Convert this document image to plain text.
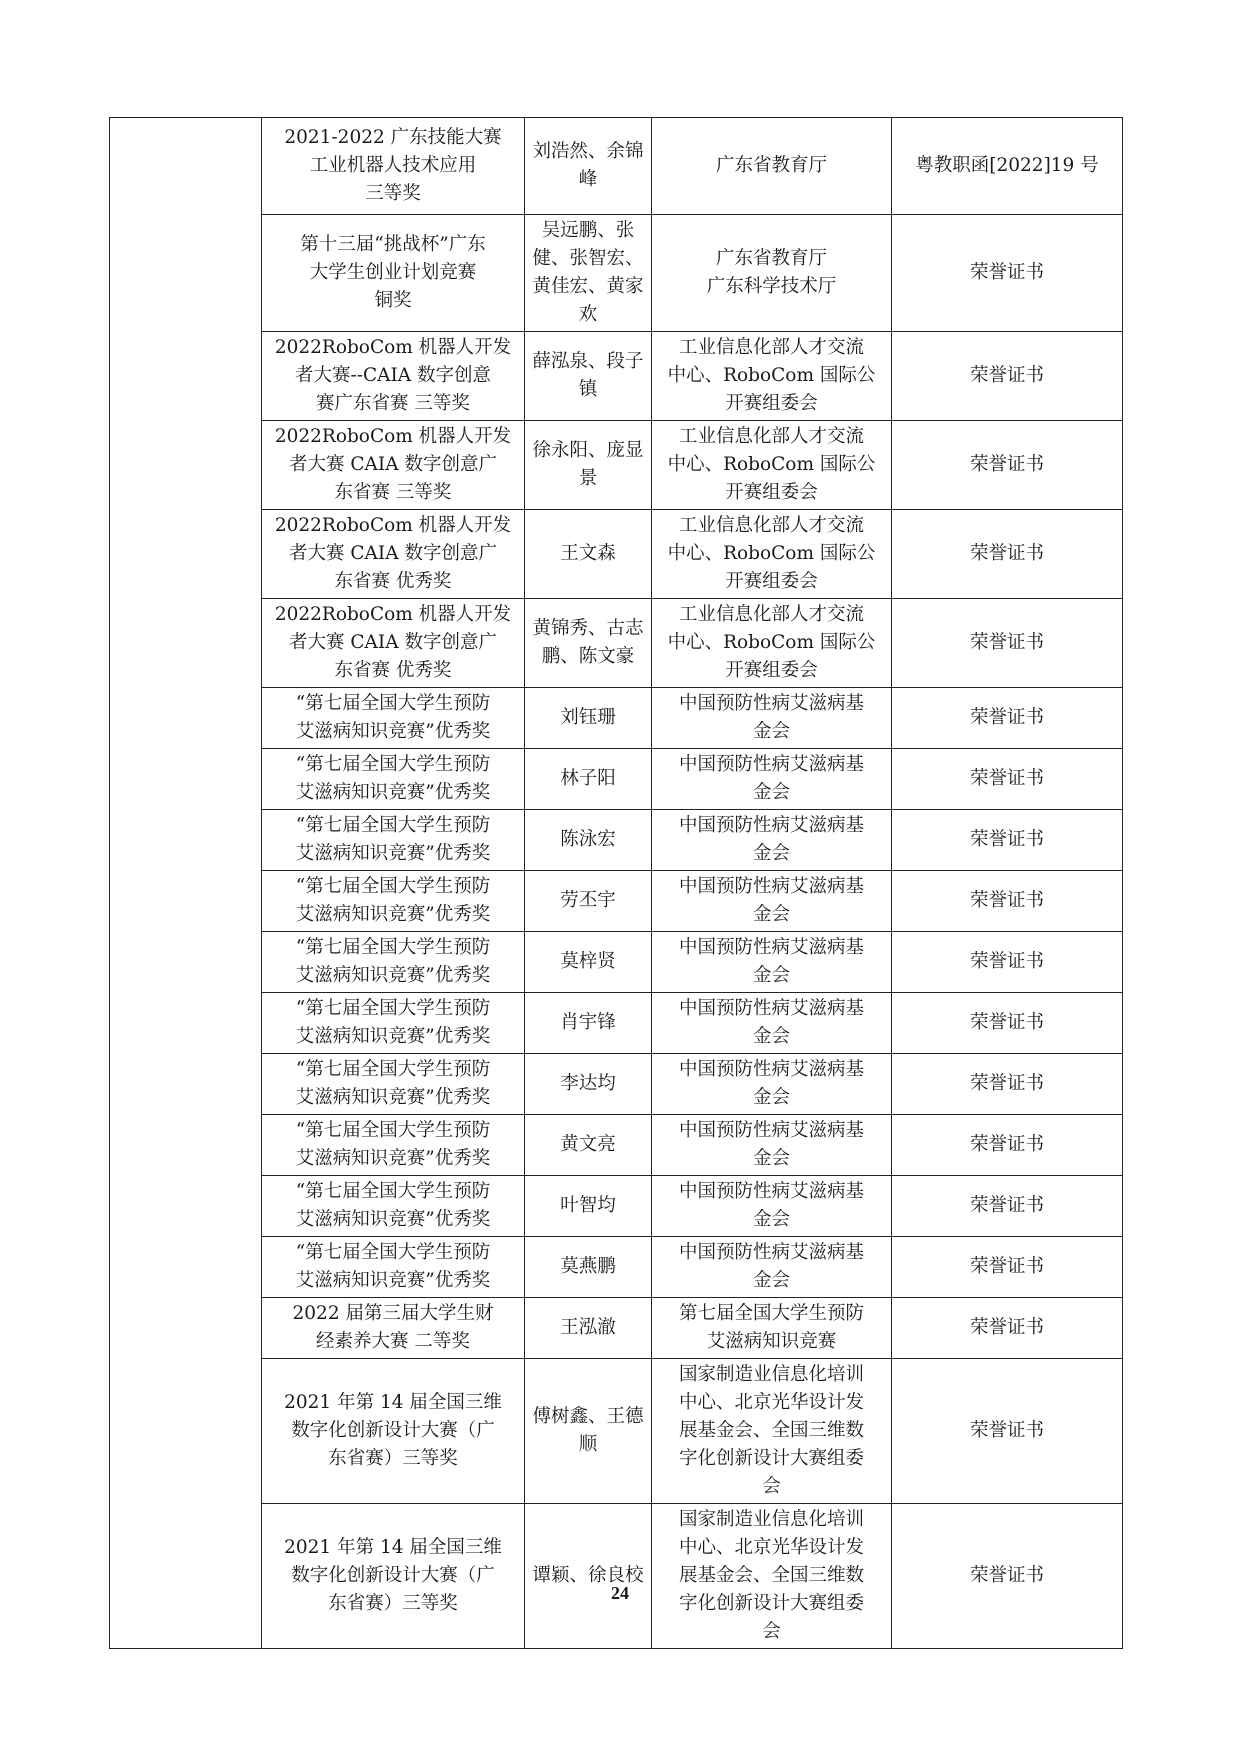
	2021-2022 广东技能大赛
工业机器人技术应用
三等奖	刘浩然、余锦峰	广东省教育厅	粤教职函[2022]19 号

	第十三届“挑战杯”广东
大学生创业计划竞赛
铜奖	吴远鹏、张健、张智宏、黄佳宏、黄家欢	广东省教育厅
广东科学技术厅	荣誉证书

	2022RoboCom 机器人开发
者大赛--CAIA 数字创意
赛广东省赛 三等奖	薛泓泉、段子镇	工业信息化部人才交流
中心、RoboCom 国际公
开赛组委会	荣誉证书

	2022RoboCom 机器人开发
者大赛 CAIA 数字创意广
东省赛 三等奖	徐永阳、庞显景	工业信息化部人才交流
中心、RoboCom 国际公
开赛组委会	荣誉证书

	2022RoboCom 机器人开发
者大赛 CAIA 数字创意广
东省赛 优秀奖	王文森	工业信息化部人才交流
中心、RoboCom 国际公
开赛组委会	荣誉证书

	2022RoboCom 机器人开发
者大赛 CAIA 数字创意广
东省赛 优秀奖	黄锦秀、古志鹏、陈文豪	工业信息化部人才交流
中心、RoboCom 国际公
开赛组委会	荣誉证书

	“第七届全国大学生预防
艾滋病知识竞赛”优秀奖	刘钰珊	中国预防性病艾滋病基
金会	荣誉证书

	“第七届全国大学生预防
艾滋病知识竞赛”优秀奖	林子阳	中国预防性病艾滋病基
金会	荣誉证书

	“第七届全国大学生预防
艾滋病知识竞赛”优秀奖	陈泳宏	中国预防性病艾滋病基
金会	荣誉证书

	“第七届全国大学生预防
艾滋病知识竞赛”优秀奖	劳丕宇	中国预防性病艾滋病基
金会	荣誉证书

	“第七届全国大学生预防
艾滋病知识竞赛”优秀奖	莫梓贤	中国预防性病艾滋病基
金会	荣誉证书

	“第七届全国大学生预防
艾滋病知识竞赛”优秀奖	肖宇锋	中国预防性病艾滋病基
金会	荣誉证书

	“第七届全国大学生预防
艾滋病知识竞赛”优秀奖	李达均	中国预防性病艾滋病基
金会	荣誉证书

	“第七届全国大学生预防
艾滋病知识竞赛”优秀奖	黄文亮	中国预防性病艾滋病基
金会	荣誉证书

	“第七届全国大学生预防
艾滋病知识竞赛”优秀奖	叶智均	中国预防性病艾滋病基
金会	荣誉证书

	“第七届全国大学生预防
艾滋病知识竞赛”优秀奖	莫燕鹏	中国预防性病艾滋病基
金会	荣誉证书

	2022 届第三届大学生财
经素养大赛 二等奖	王泓澈	第七届全国大学生预防
艾滋病知识竞赛	荣誉证书

	2021 年第 14 届全国三维
数字化创新设计大赛（广
东省赛）三等奖	傅树鑫、王德顺	国家制造业信息化培训
中心、北京光华设计发
展基金会、全国三维数
字化创新设计大赛组委
会	荣誉证书

	2021 年第 14 届全国三维
数字化创新设计大赛（广
东省赛）三等奖	谭颖、徐良校	国家制造业信息化培训
中心、北京光华设计发
展基金会、全国三维数
字化创新设计大赛组委
会	荣誉证书
24
